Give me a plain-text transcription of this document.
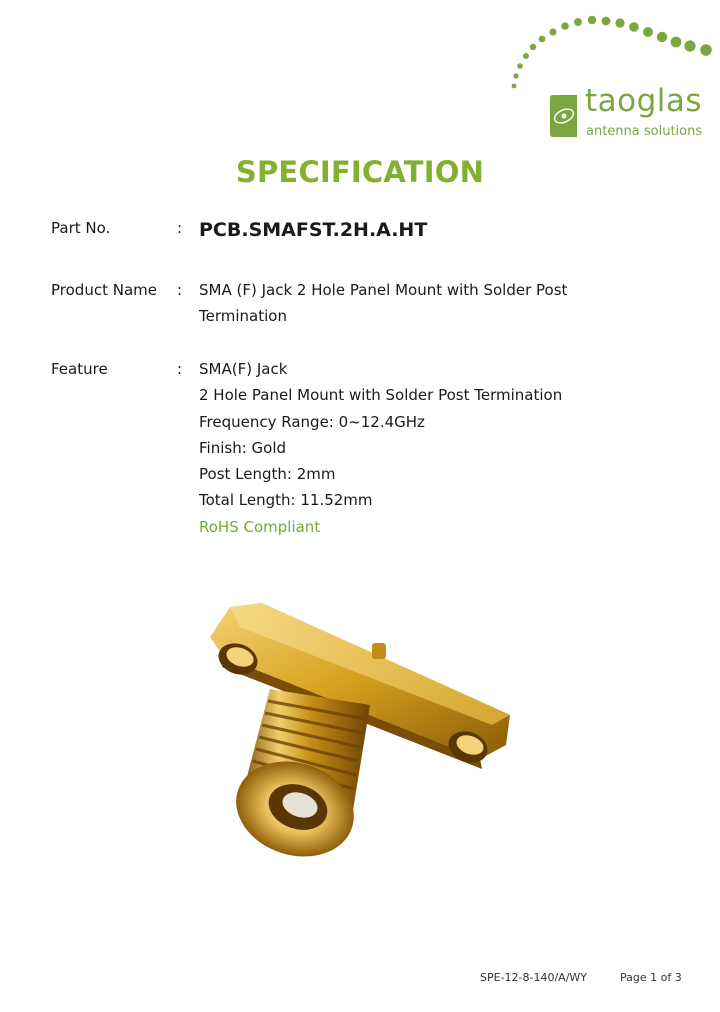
taoglas
antenna solutions
SPECIFICATION
Part No.	: PCB.SMAFST.2H.A.HT
Product Name : SMA (F) Jack 2 Hole Panel Mount with Solder Post
Termination
Feature	: SMA(F) Jack
2 Hole Panel Mount with Solder Post Termination
Frequency Range: 0~12.4GHz
Finish: Gold
Post Length: 2mm
Total Length: 11.52mm
RoHS Compliant
SPE-12-8-140/A/WY	Page 1 of 3
